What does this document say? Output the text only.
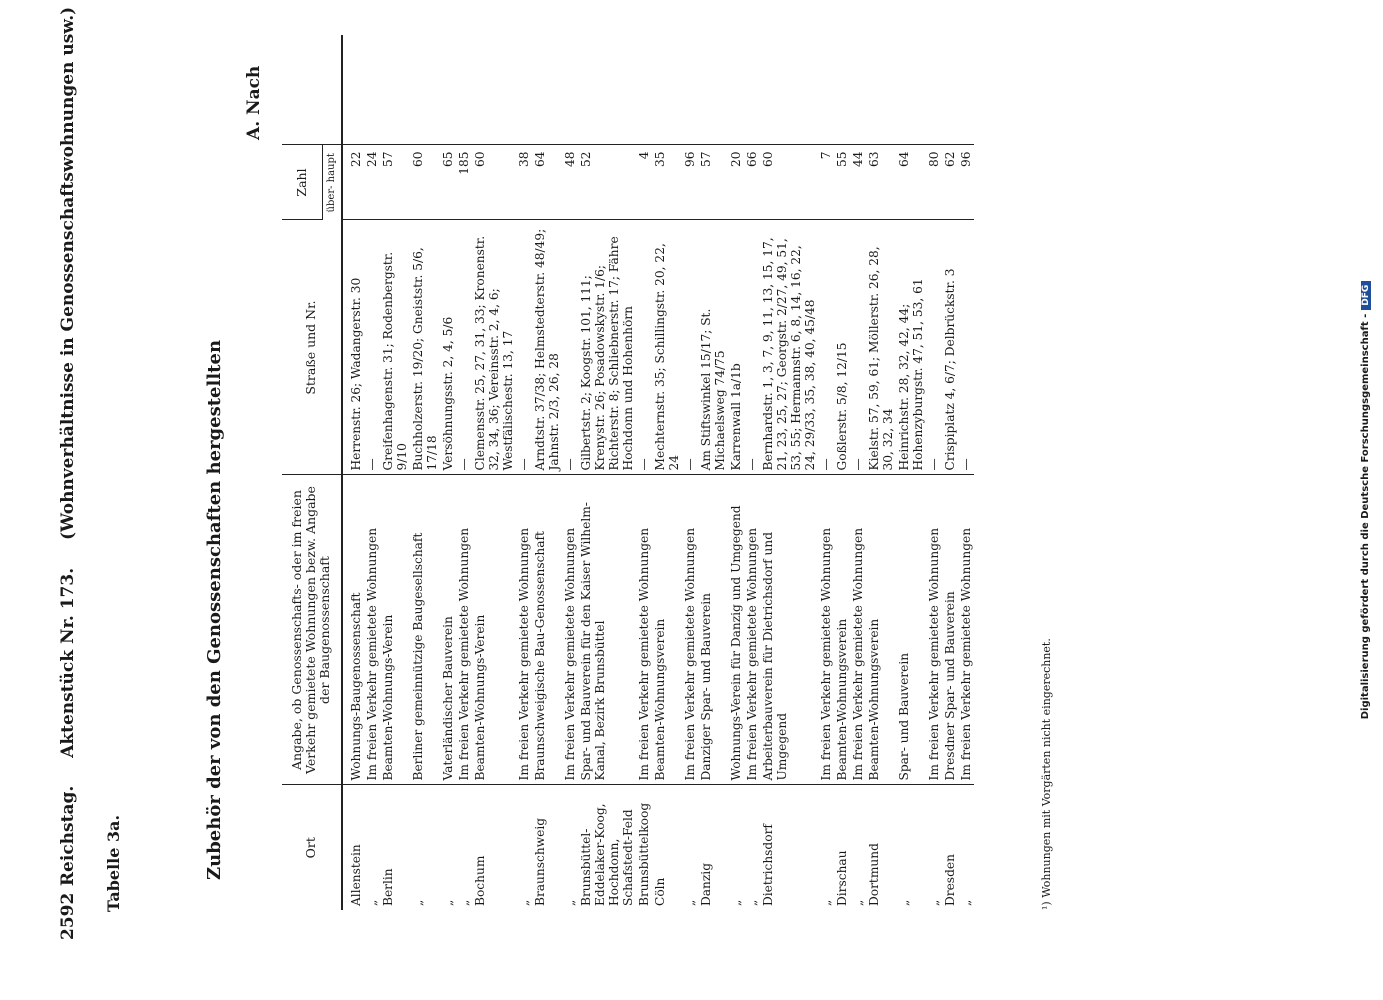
2592 Reichstag.  Aktenstück Nr. 173.  (Wohnverhältnisse in Genossenschaftswohnungen usw.)
Tabelle 3a.	Zubehör der von den Genossenschaften hergestellten
A. Nach
Ort	Angabe, ob Genossenschafts- oder im freien Verkehr gemietete Wohnungen bezw. Angabe der Baugenossenschaft	Straße und Nr.	Zahl	
			über- haupt	
Allenstein	Wohnungs-Baugenossenschaft	Herrenstr. 26; Wadangerstr. 30	22	
„	Im freien Verkehr gemietete Wohnungen	—	24	
Berlin	Beamten-Wohnungs-Verein	Greifenhagenstr. 31; Rodenbergstr. 9/10	57	
„	Berliner gemeinnützige Baugesellschaft	Buchholzerstr. 19/20; Gneiststr. 5/6, 17/18	60	
„	Vaterländischer Bauverein	Versöhnungsstr. 2, 4, 5/6	65	
„	Im freien Verkehr gemietete Wohnungen	—	185	
Bochum	Beamten-Wohnungs-Verein	Clemensstr. 25, 27, 31, 33; Kronenstr. 32, 34, 36; Vereinsstr. 2, 4, 6; Westfälischestr. 13, 17	60	
„	Im freien Verkehr gemietete Wohnungen	—	38	
Braunschweig	Braunschweigische Bau-Genossenschaft	Arndtstr. 37/38; Helmstedterstr. 48/49; Jahnstr. 2/3, 26, 28	64	
„	Im freien Verkehr gemietete Wohnungen	—	48	
Brunsbüttel-Eddelaker-Koog, Hochdonn, Schafstedt-Feld	Spar- und Bauverein für den Kaiser Wilhelm-Kanal, Bezirk Brunsbüttel	Gilbertstr. 2; Koogstr. 101, 111; Krenystr. 26; Posadowskystr. 1/6; Richterstr. 8; Schliebnerstr. 17; Fähre Hochdonn und Hohenhörn	52	
Brunsbüttelkoog	Im freien Verkehr gemietete Wohnungen	—	4	
Cöln	Beamten-Wohnungsverein	Mechternstr. 35; Schillingstr. 20, 22, 24	35	
„	Im freien Verkehr gemietete Wohnungen	—	96	
Danzig	Danziger Spar- und Bauverein	Am Stiftswinkel 15/17; St. Michaelsweg 74/75	57	
„	Wohnungs-Verein für Danzig und Umgegend	Karrenwall 1a/1b	20	
„	Im freien Verkehr gemietete Wohnungen	—	66	
Dietrichsdorf	Arbeiterbauverein für Dietrichsdorf und Umgegend	Bernhardstr. 1, 3, 7, 9, 11, 13, 15, 17, 21, 23, 25, 27; Georgstr. 2/27, 49, 51, 53, 55; Hermannstr. 6, 8, 14, 16, 22, 24, 29/33, 35, 38, 40, 45/48	60	
„	Im freien Verkehr gemietete Wohnungen	—	7	
Dirschau	Beamten-Wohnungsverein	Goßlerstr. 5/8, 12/15	55	
„	Im freien Verkehr gemietete Wohnungen	—	44	
Dortmund	Beamten-Wohnungsverein	Kielstr. 57, 59, 61; Möllerstr. 26, 28, 30, 32, 34	63	
„	Spar- und Bauverein	Heinrichstr. 28, 32, 42, 44; Hohenzyburgstr. 47, 51, 53, 61	64	
„	Im freien Verkehr gemietete Wohnungen	—	80	
Dresden	Dresdner Spar- und Bauverein	Crispiplatz 4, 6/7; Delbrückstr. 3	62	
„	Im freien Verkehr gemietete Wohnungen	—	96	
¹) Wohnungen mit Vorgärten nicht eingerechnet.
Digitalisierung gefördert durch die Deutsche Forschungsgemeinschaft -DFG
